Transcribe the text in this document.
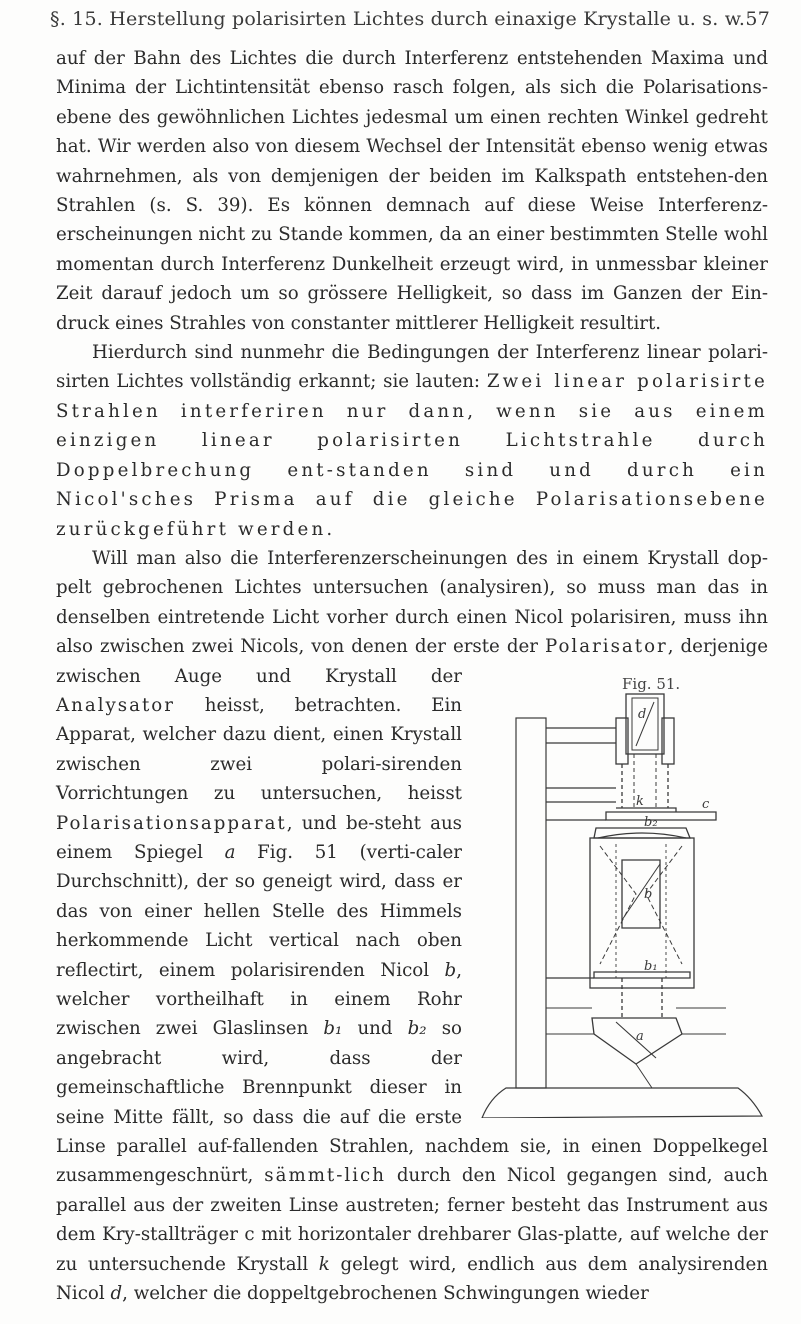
§. 15. Herstellung polarisirten Lichtes durch einaxige Krystalle u. s. w. 57

auf der Bahn des Lichtes die durch Interferenz entstehenden Maxima und Minima der Lichtintensität ebenso rasch folgen, als sich die Polarisations-ebene des gewöhnlichen Lichtes jedesmal um einen rechten Winkel gedreht hat. Wir werden also von diesem Wechsel der Intensität ebenso wenig etwas wahrnehmen, als von demjenigen der beiden im Kalkspath entstehen-den Strahlen (s. S. 39). Es können demnach auf diese Weise Interferenz-erscheinungen nicht zu Stande kommen, da an einer bestimmten Stelle wohl momentan durch Interferenz Dunkelheit erzeugt wird, in unmessbar kleiner Zeit darauf jedoch um so grössere Helligkeit, so dass im Ganzen der Ein-druck eines Strahles von constanter mittlerer Helligkeit resultirt.

Hierdurch sind nunmehr die Bedingungen der Interferenz linear polari-sirten Lichtes vollständig erkannt; sie lauten: Zwei linear polarisirte Strahlen interferiren nur dann, wenn sie aus einem einzigen linear polarisirten Lichtstrahle durch Doppelbrechung ent-standen sind und durch ein Nicol'sches Prisma auf die gleiche Polarisationsebene zurückgeführt werden.

Will man also die Interferenzerscheinungen des in einem Krystall dop-pelt gebrochenen Lichtes untersuchen (analysiren), so muss man das in denselben eintretende Licht vorher durch einen Nicol polarisiren, muss ihn also zwischen zwei Nicols, von denen der erste der
Fig. 51.
d
k	c
b₂
b
b₁
a
Polarisator, derjenige zwischen Auge und Krystall der Analysator heisst, betrachten. Ein Apparat, welcher dazu dient, einen Krystall zwischen zwei polari-sirenden Vorrichtungen zu untersuchen, heisst Polarisationsapparat, und be-steht aus einem Spiegel a Fig. 51 (verti-caler Durchschnitt), der so geneigt wird, dass er das von einer hellen Stelle des Himmels herkommende Licht vertical nach oben reflectirt, einem polarisirenden Nicol b, welcher vortheilhaft in einem Rohr zwischen zwei Glaslinsen b₁ und b₂ so angebracht wird, dass der gemeinschaftliche Brennpunkt dieser in seine Mitte fällt, so dass die auf die erste Linse parallel auf-fallenden Strahlen, nachdem sie, in einen Doppelkegel zusammengeschnürt, sämmt-lich durch den Nicol gegangen sind, auch parallel aus der zweiten Linse austreten; ferner besteht das Instrument aus dem Kry-stallträger c mit horizontaler drehbarer Glas-platte, auf welche der zu untersuchende Krystall k gelegt wird, endlich aus dem analysirenden Nicol d, welcher die doppeltgebrochenen Schwingungen wieder
